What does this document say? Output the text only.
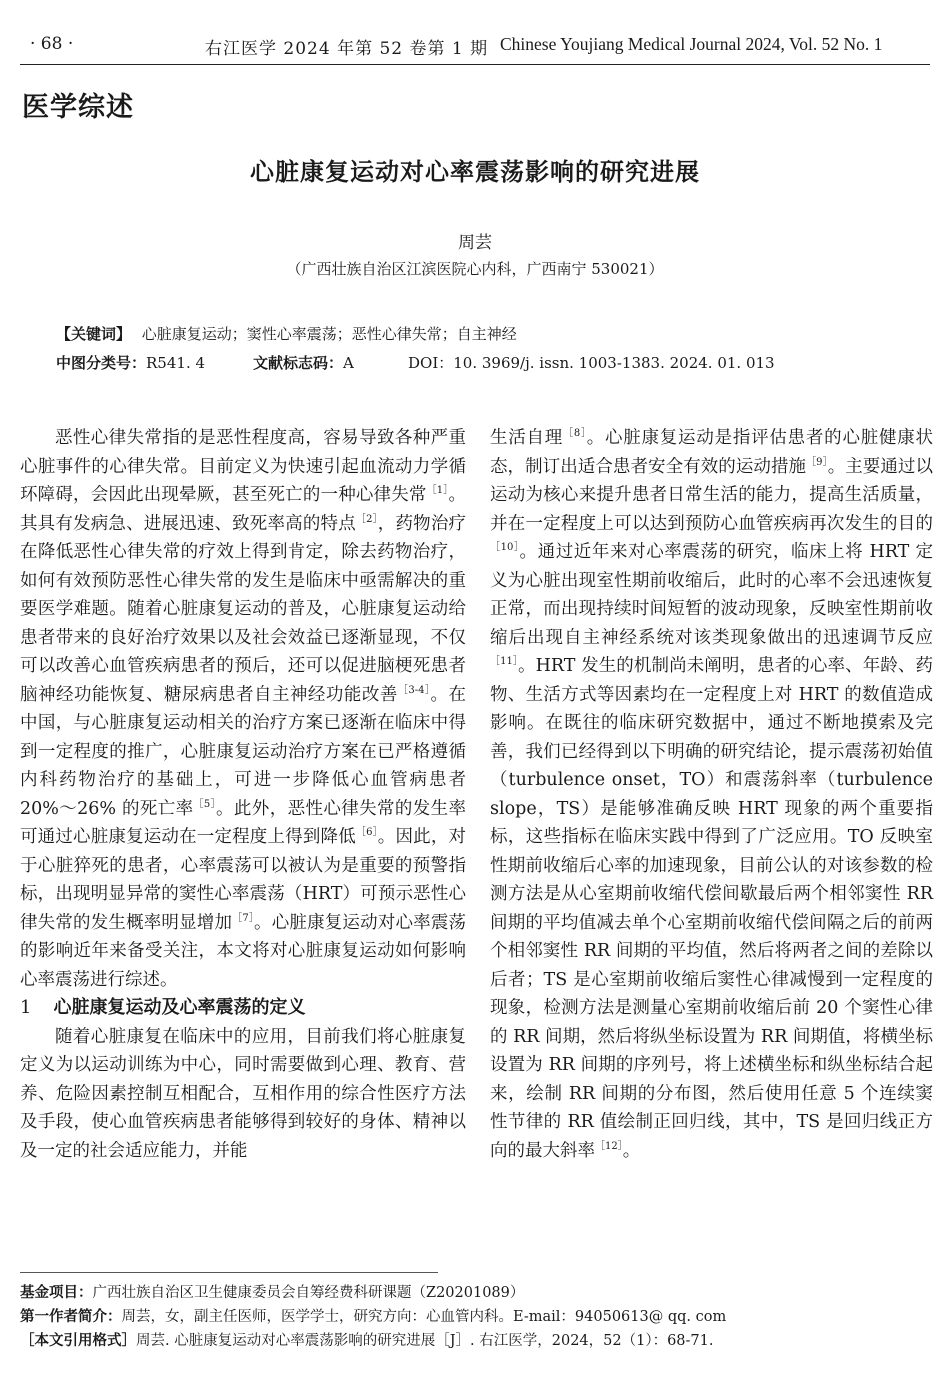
· 68 ·	右江医学 2024 年第 52 卷第 1 期 Chinese Youjiang Medical Journal 2024, Vol. 52 No. 1
医学综述
心脏康复运动对心率震荡影响的研究进展
周芸
（广西壮族自治区江滨医院心内科，广西南宁 530021）
【关键词】 心脏康复运动；窦性心率震荡；恶性心律失常；自主神经
中图分类号：R541. 4	文献标志码：A	DOI：10. 3969/j. issn. 1003-1383. 2024. 01. 013

恶性心律失常指的是恶性程度高，容易导致各种严重心脏事件的心律失常。目前定义为快速引起血流动力学循环障碍，会因此出现晕厥，甚至死亡的一种心律失常$^{[1]}$。其具有发病急、进展迅速、致死率高的特点$^{[2]}$，药物治疗在降低恶性心律失常的疗效上得到肯定，除去药物治疗，如何有效预防恶性心律失常的发生是临床中亟需解决的重要医学难题。随着心脏康复运动的普及，心脏康复运动给患者带来的良好治疗效果以及社会效益已逐渐显现，不仅可以改善心血管疾病患者的预后，还可以促进脑梗死患者脑神经功能恢复、糖尿病患者自主神经功能改善$^{[3-4]}$。在中国，与心脏康复运动相关的治疗方案已逐渐在临床中得到一定程度的推广，心脏康复运动治疗方案在已严格遵循内科药物治疗的基础上，可进一步降低心血管病患者 20%～26% 的死亡率$^{[5]}$。此外，恶性心律失常的发生率可通过心脏康复运动在一定程度上得到降低$^{[6]}$。因此，对于心脏猝死的患者，心率震荡可以被认为是重要的预警指标，出现明显异常的窦性心率震荡（HRT）可预示恶性心律失常的发生概率明显增加$^{[7]}$。心脏康复运动对心率震荡的影响近年来备受关注，本文将对心脏康复运动如何影响心率震荡进行综述。

1 心脏康复运动及心率震荡的定义

随着心脏康复在临床中的应用，目前我们将心脏康复定义为以运动训练为中心，同时需要做到心理、教育、营养、危险因素控制互相配合，互相作用的综合性医疗方法及手段，使心血管疾病患者能够得到较好的身体、精神以及一定的社会适应能力，并能

生活自理$^{[8]}$。心脏康复运动是指评估患者的心脏健康状态，制订出适合患者安全有效的运动措施$^{[9]}$。主要通过以运动为核心来提升患者日常生活的能力，提高生活质量，并在一定程度上可以达到预防心血管疾病再次发生的目的$^{[10]}$。通过近年来对心率震荡的研究，临床上将 HRT 定义为心脏出现室性期前收缩后，此时的心率不会迅速恢复正常，而出现持续时间短暂的波动现象，反映室性期前收缩后出现自主神经系统对该类现象做出的迅速调节反应$^{[11]}$。HRT 发生的机制尚未阐明，患者的心率、年龄、药物、生活方式等因素均在一定程度上对 HRT 的数值造成影响。在既往的临床研究数据中，通过不断地摸索及完善，我们已经得到以下明确的研究结论，提示震荡初始值（turbulence onset，TO）和震荡斜率（turbulence slope，TS）是能够准确反映 HRT 现象的两个重要指标，这些指标在临床实践中得到了广泛应用。TO 反映室性期前收缩后心率的加速现象，目前公认的对该参数的检测方法是从心室期前收缩代偿间歇最后两个相邻窦性 RR 间期的平均值减去单个心室期前收缩代偿间隔之后的前两个相邻窦性 RR 间期的平均值，然后将两者之间的差除以后者；TS 是心室期前收缩后窦性心律减慢到一定程度的现象，检测方法是测量心室期前收缩后前 20 个窦性心律的 RR 间期，然后将纵坐标设置为 RR 间期值，将横坐标设置为 RR 间期的序列号，将上述横坐标和纵坐标结合起来，绘制 RR 间期的分布图，然后使用任意 5 个连续窦性节律的 RR 值绘制正回归线，其中，TS 是回归线正方向的最大斜率$^{[12]}$。

基金项目：广西壮族自治区卫生健康委员会自筹经费科研课题（Z20201089）
第一作者简介：周芸，女，副主任医师，医学学士，研究方向：心血管内科。E-mail：94050613@ qq. com
［本文引用格式］周芸. 心脏康复运动对心率震荡影响的研究进展［J］. 右江医学，2024，52（1）：68-71.
